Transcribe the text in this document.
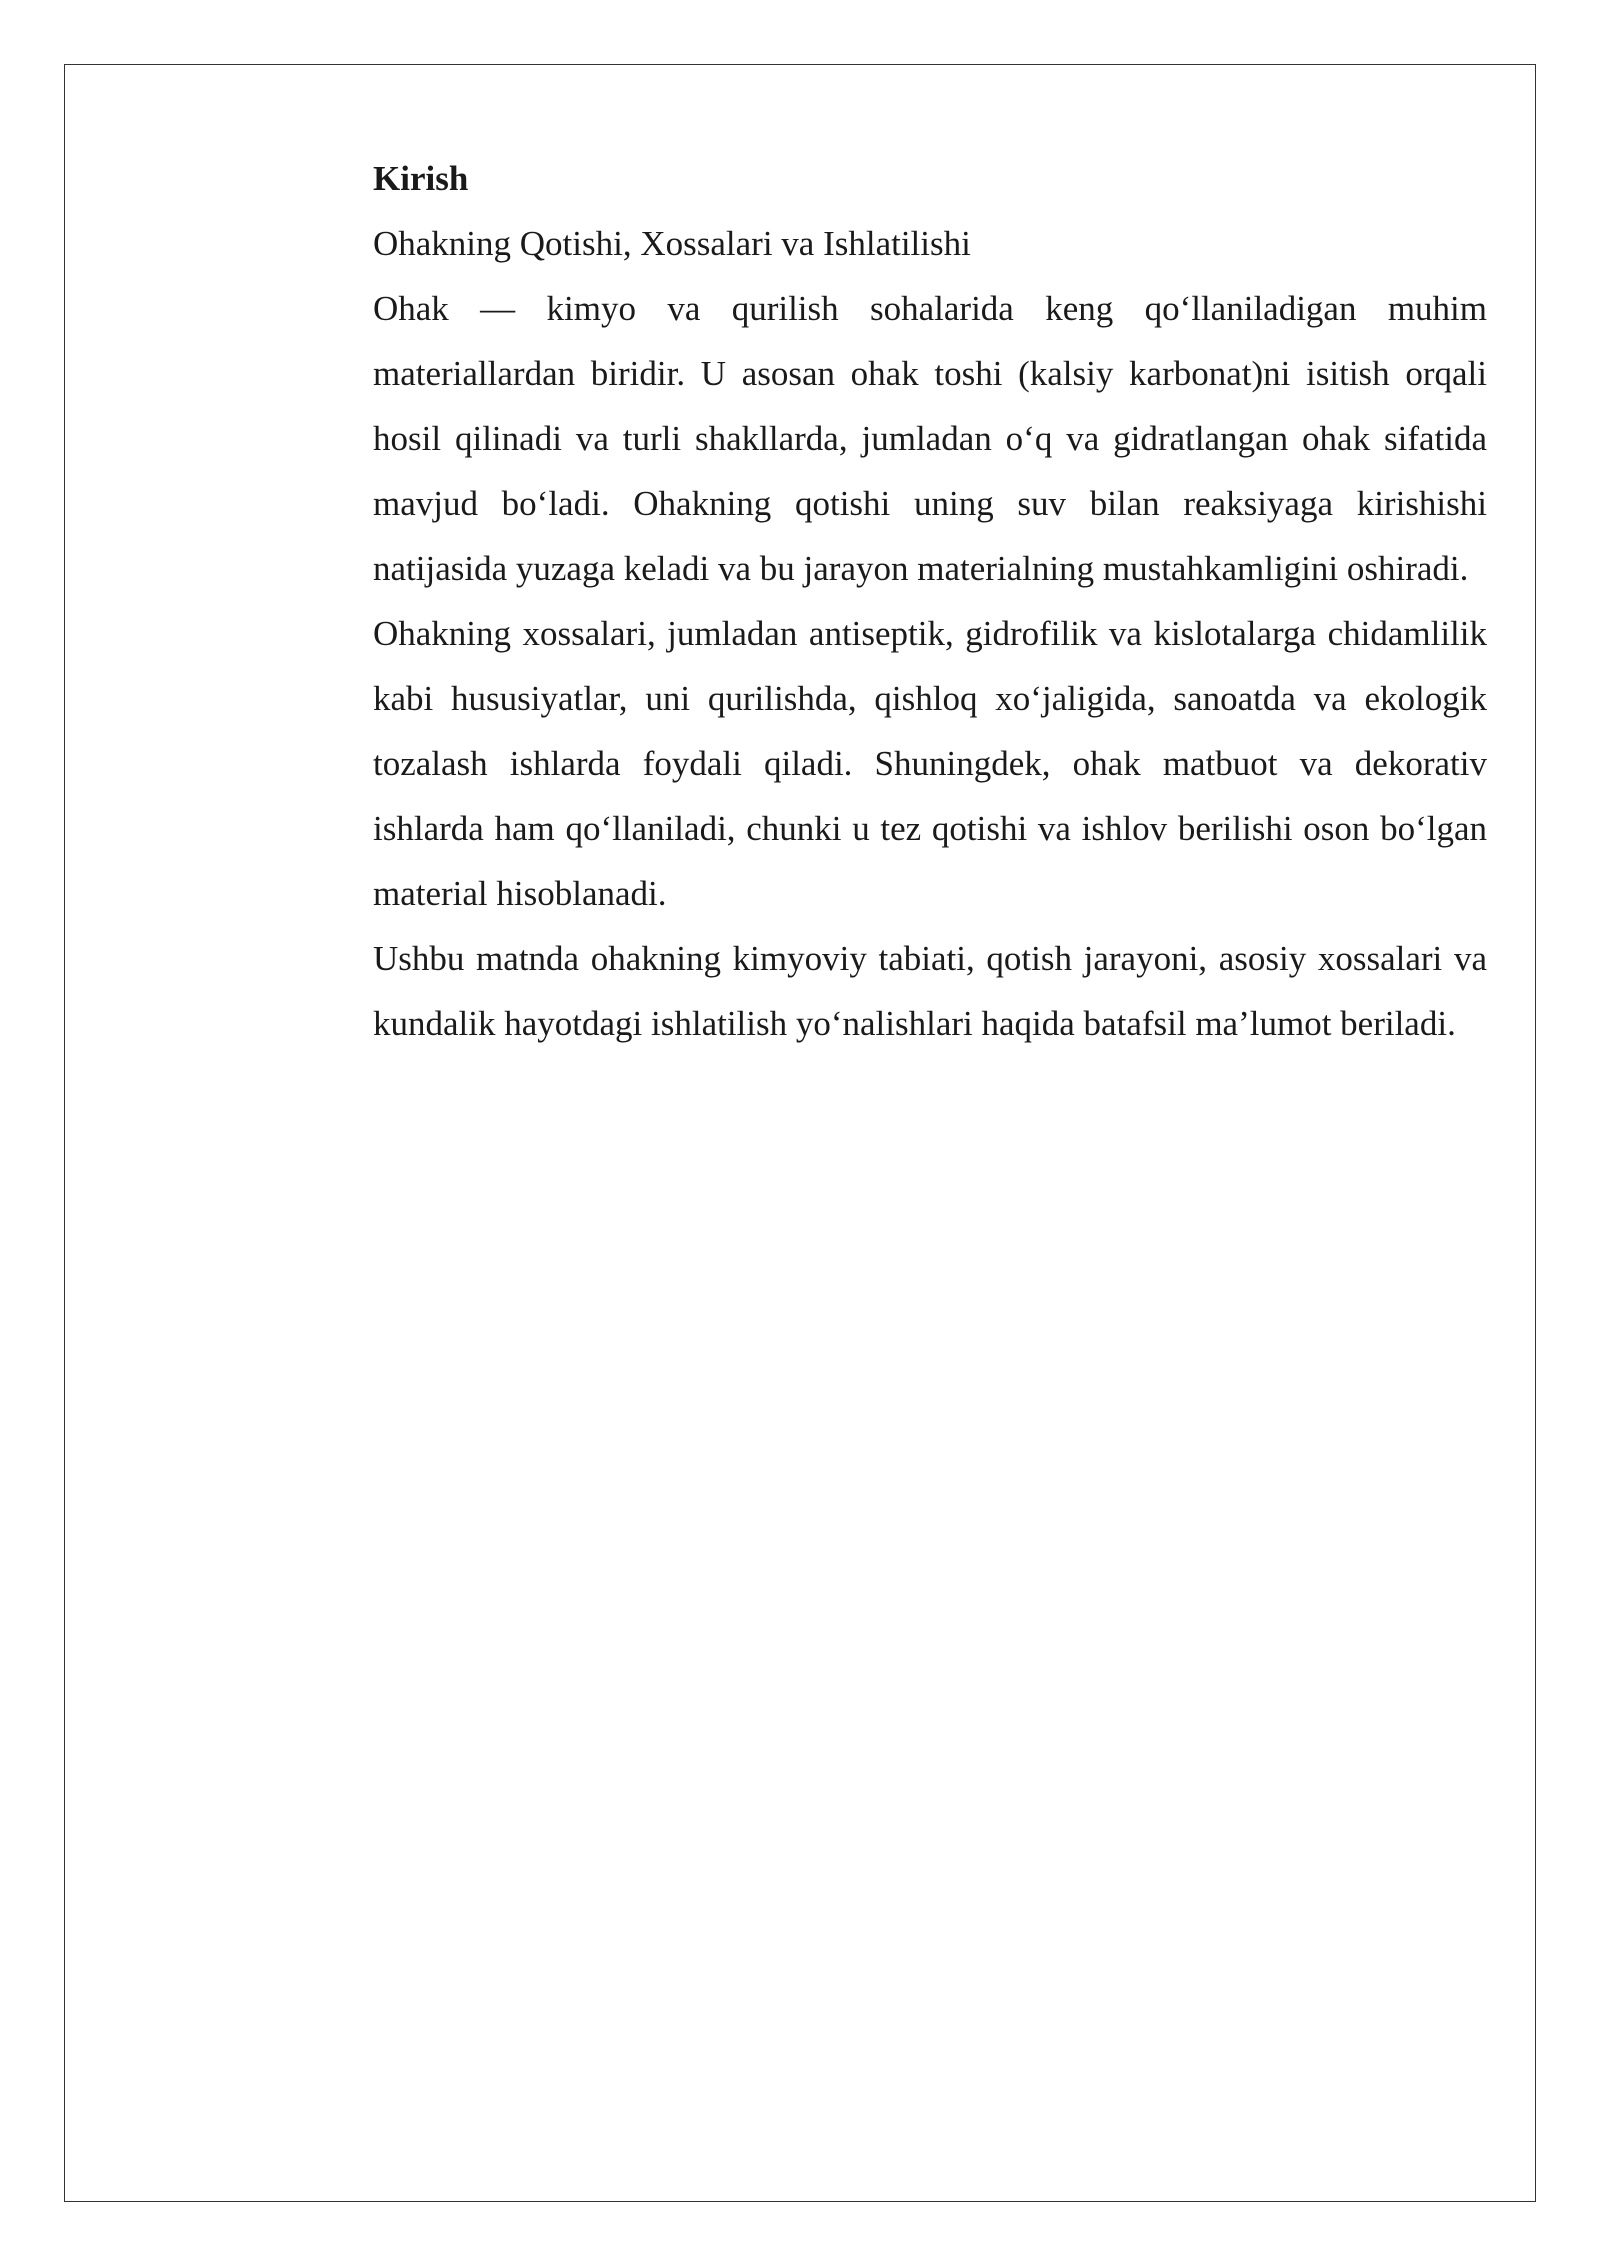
Kirish

Ohakning Qotishi, Xossalari va Ishlatilishi

Ohak — kimyo va qurilish sohalarida keng qo‘llaniladigan muhim materiallardan biridir. U asosan ohak toshi (kalsiy karbonat)ni isitish orqali hosil qilinadi va turli shakllarda, jumladan o‘q va gidratlangan ohak sifatida mavjud bo‘ladi. Ohakning qotishi uning suv bilan reaksiyaga kirishishi natijasida yuzaga keladi va bu jarayon materialning mustahkamligini oshiradi.

Ohakning xossalari, jumladan antiseptik, gidrofilik va kislotalarga chidamlilik kabi hususiyatlar, uni qurilishda, qishloq xo‘jaligida, sanoatda va ekologik tozalash ishlarda foydali qiladi. Shuningdek, ohak matbuot va dekorativ ishlarda ham qo‘llaniladi, chunki u tez qotishi va ishlov berilishi oson bo‘lgan material hisoblanadi.

Ushbu matnda ohakning kimyoviy tabiati, qotish jarayoni, asosiy xossalari va kundalik hayotdagi ishlatilish yo‘nalishlari haqida batafsil ma’lumot beriladi.
